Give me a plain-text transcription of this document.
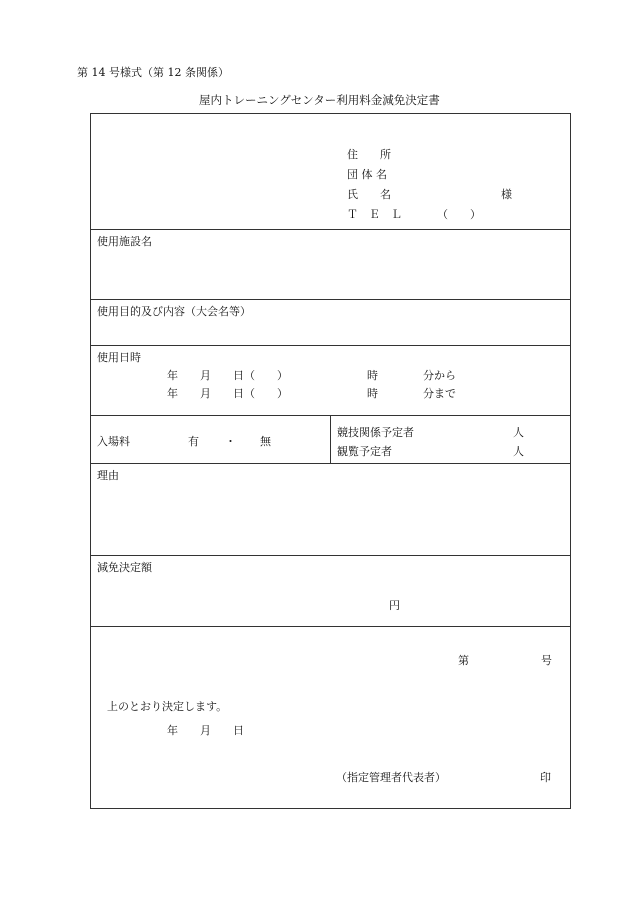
第 14 号様式（第 12 条関係）
屋内トレーニングセンター利用料金減免決定書
住　　所
団 体 名
氏　　名	様
Ｔ　Ｅ　Ｌ	（　　）
使用施設名
使用目的及び内容（大会名等）
使用日時
年　　月　　日（　　）	時	分から
年　　月　　日（　　）	時	分まで
入場料	有 ・ 無
競技関係予定者	人
観覧予定者	人
理由
減免決定額
円
第	号
上のとおり決定します。
年　　月　　日
（指定管理者代表者）	印
